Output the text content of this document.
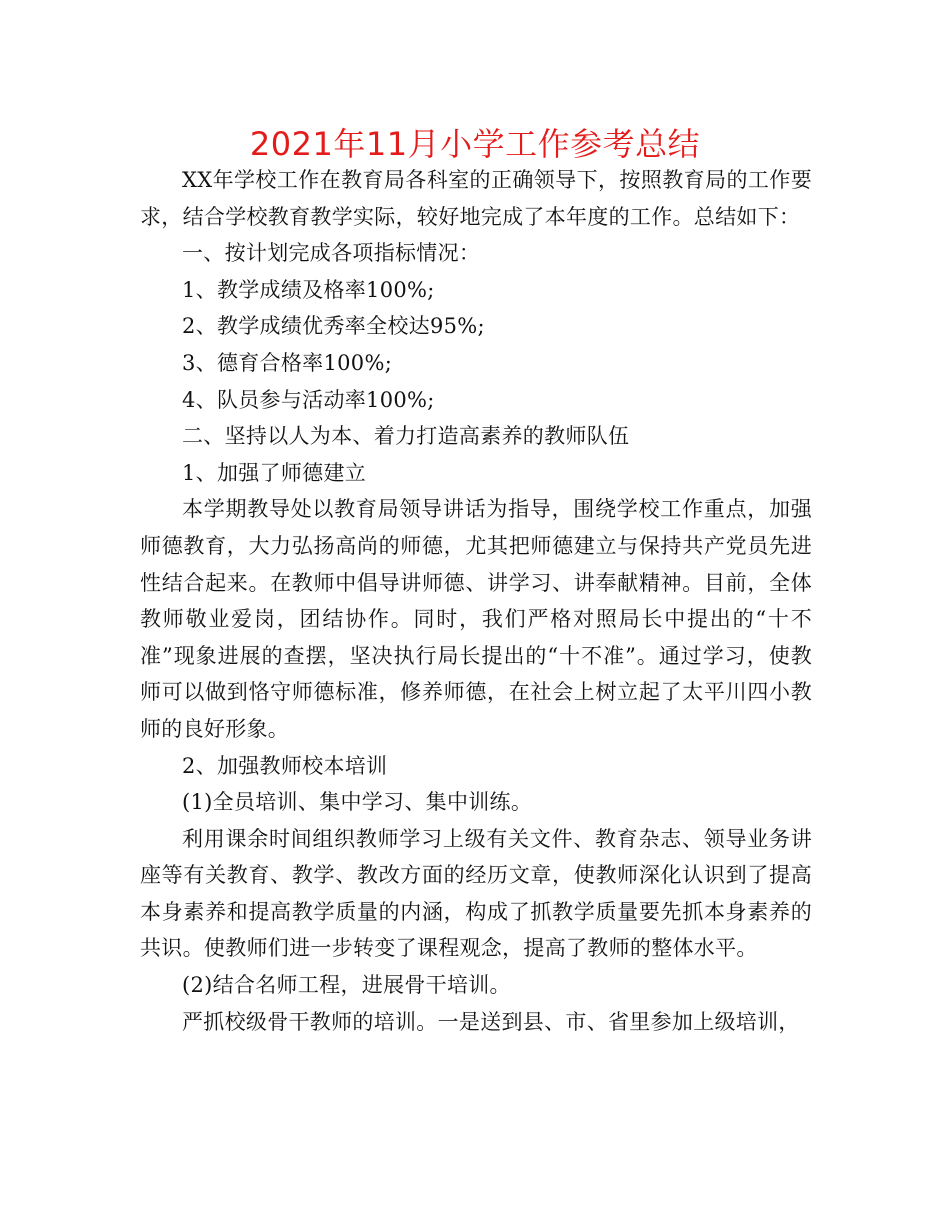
2021年11月小学工作参考总结

XX年学校工作在教育局各科室的正确领导下，按照教育局的工作要求，结合学校教育教学实际，较好地完成了本年度的工作。总结如下：

一、按计划完成各项指标情况：

1、教学成绩及格率100%;

2、教学成绩优秀率全校达95%;

3、德育合格率100%;

4、队员参与活动率100%;

二、坚持以人为本、着力打造高素养的教师队伍

1、加强了师德建立

本学期教导处以教育局领导讲话为指导，围绕学校工作重点，加强师德教育，大力弘扬高尚的师德，尤其把师德建立与保持共产党员先进性结合起来。在教师中倡导讲师德、讲学习、讲奉献精神。目前，全体教师敬业爱岗，团结协作。同时，我们严格对照局长中提出的“十不准”现象进展的查摆，坚决执行局长提出的“十不准”。通过学习，使教师可以做到恪守师德标准，修养师德，在社会上树立起了太平川四小教师的良好形象。

2、加强教师校本培训

(1)全员培训、集中学习、集中训练。

利用课余时间组织教师学习上级有关文件、教育杂志、领导业务讲座等有关教育、教学、教改方面的经历文章，使教师深化认识到了提高本身素养和提高教学质量的内涵，构成了抓教学质量要先抓本身素养的共识。使教师们进一步转变了课程观念，提高了教师的整体水平。

(2)结合名师工程，进展骨干培训。

严抓校级骨干教师的培训。一是送到县、市、省里参加上级培训，
